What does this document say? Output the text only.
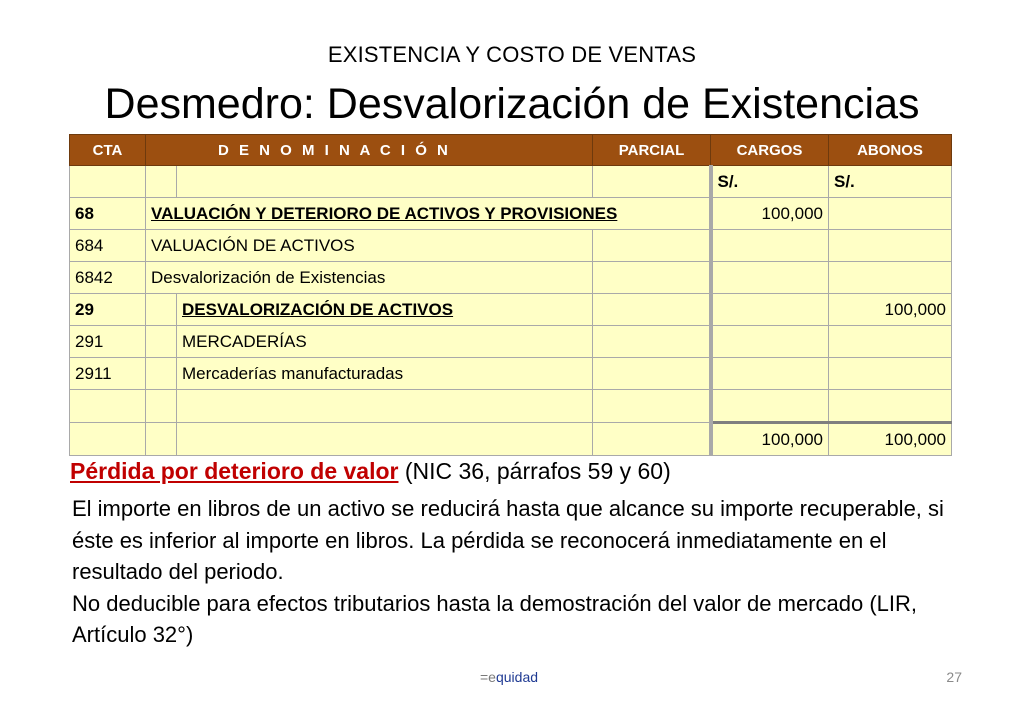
EXISTENCIA Y COSTO DE VENTAS
Desmedro: Desvalorización de Existencias
CTA	D E N O M I N A C I Ó N		PARCIAL	CARGOS	ABONOS
				S/.	S/.
68	VALUACIÓN Y DETERIORO DE ACTIVOS Y PROVISIONES			100,000	
684	VALUACIÓN DE ACTIVOS				
6842	Desvalorización de Existencias				
29		DESVALORIZACIÓN DE ACTIVOS			100,000
291		MERCADERÍAS			
2911		Mercaderías manufacturadas			

				100,000	100,000
Pérdida por deterioro de valor (NIC 36, párrafos 59 y 60)

El importe en libros de un activo se reducirá hasta que alcance su importe recuperable, si éste es inferior al importe en libros. La pérdida se reconocerá inmediatamente en el resultado del periodo.

No deducible para efectos tributarios hasta la demostración del valor de mercado (LIR, Artículo 32°)

=equidad	27
